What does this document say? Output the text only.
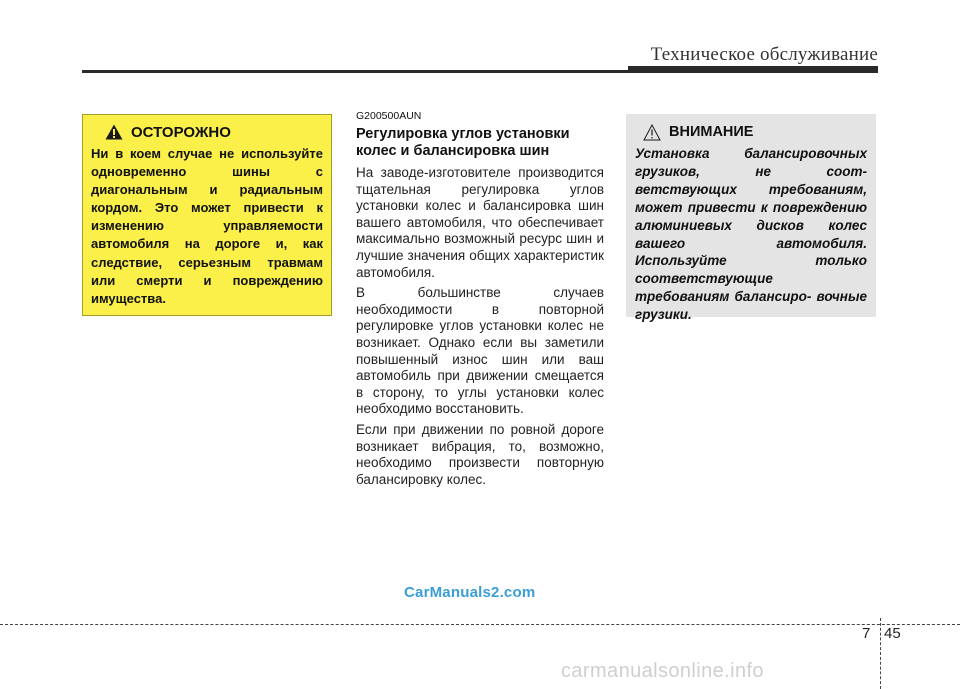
Техническое обслуживание
ОСТОРОЖНО
Ни в коем случае не используйте одновременно шины с диагональным и радиальным кордом. Это может привести к изменению управляемости автомобиля на дороге и, как следствие, серьезным травмам или смерти и повреждению имущества.
G200500AUN
Регулировка углов установки колес и балансировка шин

На заводе-изготовителе производится тщательная регулировка углов установки колес и балансировка шин вашего автомобиля, что обеспечивает максимально возможный ресурс шин и лучшие значения общих характеристик автомобиля.

В большинстве случаев необходимости в повторной регулировке углов установки колес не возникает. Однако если вы заметили повышенный износ шин или ваш автомобиль при движении смещается в сторону, то углы установки колес необходимо восстановить.

Если при движении по ровной дороге возникает вибрация, то, возможно, необходимо произвести повторную балансировку колес.

ВНИМАНИЕ
Установка балансировочных грузиков, не соот- ветствующих требованиям, может привести к повреждению алюминиевых дисков колес вашего автомобиля. Используйте только соответствующие требованиям балансиро- вочные грузики.
CarManuals2.com
7 45
carmanualsonline.info
